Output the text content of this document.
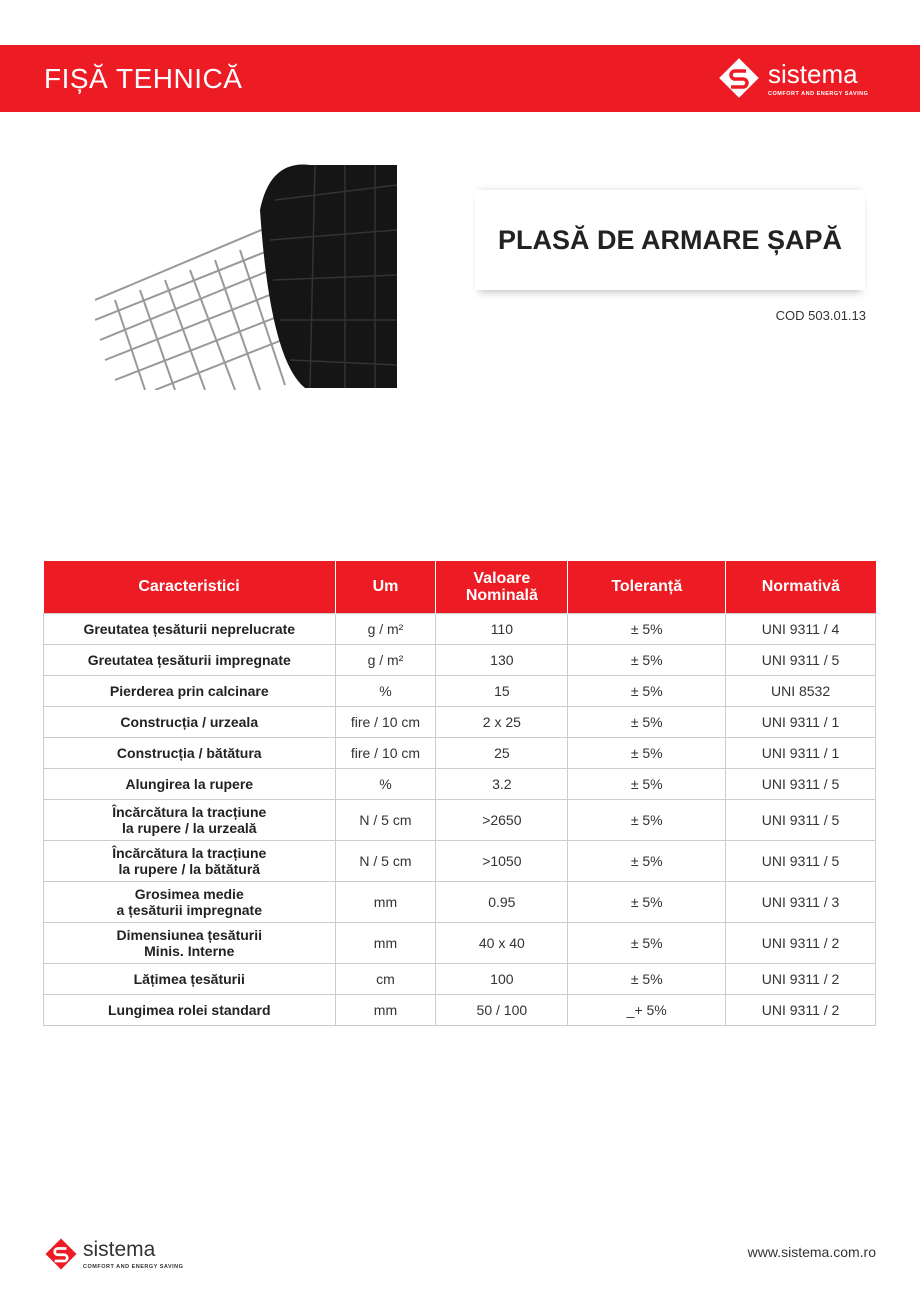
FIȘĂ TEHNICĂ	sistema
COMFORT AND ENERGY SAVING
PLASĂ DE ARMARE ȘAPĂ
COD 503.01.13
Caracteristici	Um	Valoare Nominală	Toleranță	Normativă
Greutatea țesăturii neprelucrate	g / m²	110	± 5%	UNI 9311 / 4
Greutatea țesăturii impregnate	g / m²	130	± 5%	UNI 9311 / 5
Pierderea prin calcinare	%	15	± 5%	UNI 8532
Construcția / urzeala	fire / 10 cm	2 x 25	± 5%	UNI 9311 / 1
Construcția / bătătura	fire / 10 cm	25	± 5%	UNI 9311 / 1
Alungirea la rupere	%	3.2	± 5%	UNI 9311 / 5
Încărcătura la tracțiune
la rupere / la urzeală	N / 5 cm	>2650	± 5%	UNI 9311 / 5
Încărcătura la tracțiune
la rupere / la bătătură	N / 5 cm	>1050	± 5%	UNI 9311 / 5
Grosimea medie
a țesăturii impregnate	mm	0.95	± 5%	UNI 9311 / 3
Dimensiunea țesăturii
Minis. Interne	mm	40 x 40	± 5%	UNI 9311 / 2
Lățimea țesăturii	cm	100	± 5%	UNI 9311 / 2
Lungimea rolei standard	mm	50 / 100	_+ 5%	UNI 9311 / 2
sistema
COMFORT AND ENERGY SAVING
www.sistema.com.ro
